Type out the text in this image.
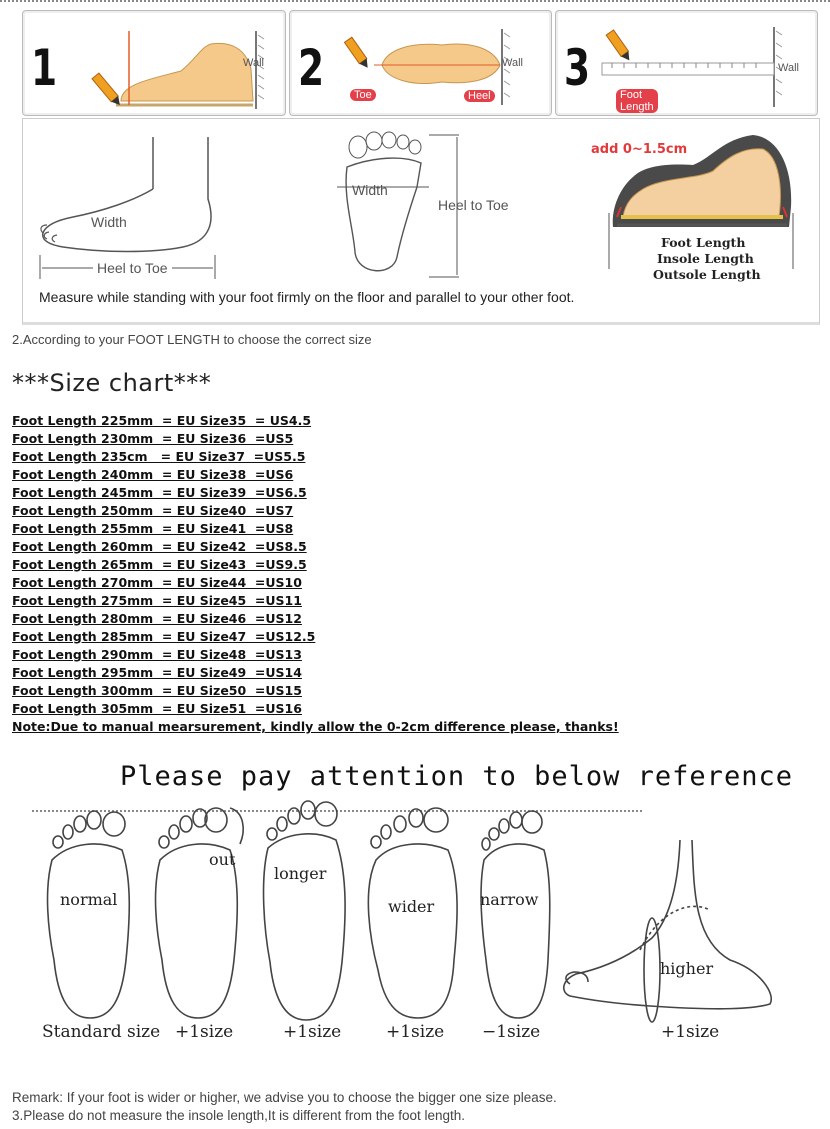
1	Wall 2	Wall
Toe	Heel 3	Wall
Foot
Length
Width
Heel to Toe
Width
Heel to Toe
add 0~1.5cm
Foot Length
Insole Length
Outsole Length
Measure while standing with your foot firmly on the floor and parallel to your other foot.
2.According to your FOOT LENGTH to choose the correct size
***Size chart***
Foot Length 225mm  = EU Size35  = US4.5
Foot Length 230mm  = EU Size36  =US5
Foot Length 235cm   = EU Size37  =US5.5
Foot Length 240mm  = EU Size38  =US6
Foot Length 245mm  = EU Size39  =US6.5
Foot Length 250mm  = EU Size40  =US7
Foot Length 255mm  = EU Size41  =US8
Foot Length 260mm  = EU Size42  =US8.5
Foot Length 265mm  = EU Size43  =US9.5
Foot Length 270mm  = EU Size44  =US10
Foot Length 275mm  = EU Size45  =US11
Foot Length 280mm  = EU Size46  =US12
Foot Length 285mm  = EU Size47  =US12.5
Foot Length 290mm  = EU Size48  =US13
Foot Length 295mm  = EU Size49  =US14
Foot Length 300mm  = EU Size50  =US15
Foot Length 305mm  = EU Size51  =US16
Note:Due to manual mearsurement, kindly allow the 0-2cm difference please, thanks!
Please pay attention to below reference
normal
out
longer
wider	narrow
higher
Standard size +1size	+1size	+1size −1size	+1size
Remark: If your foot is wider or higher, we advise you to choose the bigger one size please.
3.Please do not measure the insole length,It is different from the foot length.
